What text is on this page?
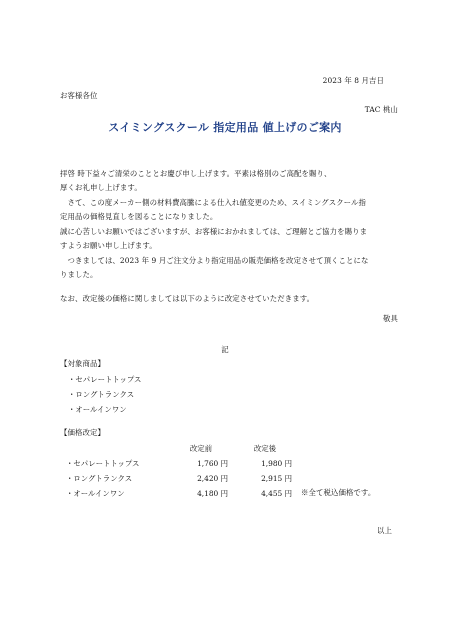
2023 年 8 月吉日
お客様各位
TAC 桃山
スイミングスクール 指定用品 値上げのご案内
拝啓 時下益々ご清栄のこととお慶び申し上げます。平素は格別のご高配を賜り、
厚くお礼申し上げます。
　さて、この度メーカー側の材料費高騰による仕入れ値変更のため、スイミングスクール指
定用品の価格見直しを図ることになりました。
誠に心苦しいお願いではございますが、お客様におかれましては、ご理解とご協力を賜りま
すようお願い申し上げます。
　つきましては、2023 年 9 月ご注文分より指定用品の販売価格を改定させて頂くことにな
りました。
なお、改定後の価格に関しましては以下のように改定させていただきます。
敬具
記
【対象商品】
・セパレートトップス
・ロングトランクス
・オールインワン
【価格改定】
	改定前	改定後
・セパレートトップス	1,760 円	1,980 円
・ロングトランクス	2,420 円	2,915 円
・オールインワン	4,180 円	4,455 円 ※全て税込価格です。
以上
